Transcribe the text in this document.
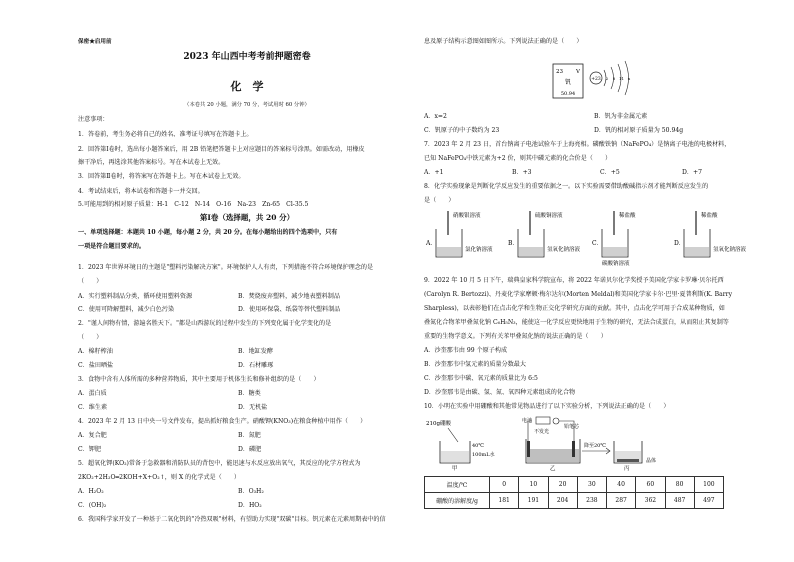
保密★启用前
2023 年山西中考考前押题密卷
化　学
（本卷共 20 小题，满分 70 分，考试用时 60 分钟）
注意事项：
1．答卷前，考生务必将自己的姓名、准考证号填写在答题卡上。
2．回答第Ⅰ卷时，选出每小题答案后，用 2B 铅笔把答题卡上对应题目的答案标号涂黑。如需改动，用橡皮
擦干净后，再选涂其他答案标号。写在本试卷上无效。
3．回答第Ⅱ卷时，将答案写在答题卡上。写在本试卷上无效。
4．考试结束后，将本试卷和答题卡一并交回。
5.可能用到的相对原子质量：H-1　C-12　N-14　O-16　Na-23　Zn-65　Cl-35.5
第Ⅰ卷（选择题，共 20 分）
一、单项选择题：本题共 10 小题，每小题 2 分，共 20 分。在每小题给出的四个选项中，只有
一项是符合题目要求的。
1．2023 年世界环境日的主题是"塑料污染解决方案"。环境保护人人有责，下列措施不符合环境保护理念的是
（　　）
A．实行塑料制品分类，循环使用塑料资源	B．焚烧废弃塑料，减少地表塑料制品
C．使用可降解塑料，减少白色污染	D．使用环保袋、纸袋等替代塑料制品
2．"谨人间物有情，游遍名胜天下。"都是山西游玩的过程中发生的下列变化属于化学变化的是
（　　）
A．棉籽榨油	B．地缸发酵
C．盐田晒盐	D．石材雕琢
3．食物中含有人体所需的多种营养物质，其中主要用于机体生长和修补组织的是（　　）
A．蛋白质	B．糖类
C．维生素	D．无机盐
4．2023 年 2 月 13 日中央一号文件发布，提出抓好粮食生产。硝酸钾(KNO₃)在粮食种植中用作（　　）
A．复合肥	B．氮肥
C．钾肥	D．磷肥
5．超氧化钾(KO₂)常备于急救器和消防队员的背包中，能迅速与水反应放出氧气，其反应的化学方程式为
2KO₂+2H₂O═2KOH+X+O₂↑，则 X 的化学式是（　　）
A．H₂O₂	B．O₃H₂
C．(OH)₂	D．HO₂
6．我国科学家开发了一种基于二氧化钒的"冷热双吸"材料，有望助力实现"双碳"目标。钒元素在元素周期表中的信
息及原子结构示意图如图所示。下列说法正确的是（　　）
23 V
钒
50.94
+23 2 8 11 x
A．x=2	B．钒为非金属元素
C．钒原子的中子数约为 23	D．钒的相对原子质量为 50.94g
7．2023 年 2 月 23 日，首台钠离子电池试验车于上海亮相。磷酸铁钠（NaFePO₄）是钠离子电池的电极材料，
已知 NaFePO₄中铁元素为+2 价，则其中磷元素的化合价是（　　）
A．+1	B．+3	C．+5	D．+7
8．化学实验现象是判断化学反应发生的重要依据之一。以下实验需要借助酸碱指示剂才能判断反应发生的
是（　　）
A．
硝酸银溶液
氯化钠溶液
B．
硫酸铜溶液
氢氧化钠溶液
C．
稀盐酸
碳酸钠溶液
D．
稀盐酸
氢氧化钠溶液
9．2022 年 10 月 5 日下午，瑞典皇家科学院宣布，将 2022 年诺贝尔化学奖授予美国化学家卡罗琳·贝尔托西
(Carolyn R. Bertozzi)、丹麦化学家摩顿·梅尔达尔(Morten Meldal)和美国化学家卡尔·巴里·夏普利斯(K. Barry
Sharpless)，以表彰他们在点击化学和生物正交化学研究方面的贡献。其中，点击化学可用于合成某种物质，如
叠氮化合物苯甲叠氮化钠 C₆H₅N₃，能使这一化学反应更快地用于生物的研究，无法合成蛋白，从而阻止其复制等
重要的生物学意义。下列有关苯甲叠氮化钠的说法正确的是（　　）
A．沙奎那韦由 99 个原子构成
B．沙奎那韦中氢元素的质量分数最大
C．沙奎那韦中碳、氧元素的质量比为 6:5
D．沙奎那韦是由碳、氢、氮、氧四种元素组成的化合物
10．小明在实验中用硼酸和其他常见物品进行了以下实验分析，下列说法正确的是（　　）
210g硼酸
40℃
100mL水
甲
电池
不发光
铅笔芯
乙
降至20℃
晶体
丙
温度/℃	0	10	20	30	40	60	80	100
硼酸的溶解度/g	181	191	204	238	287	362	487	497
